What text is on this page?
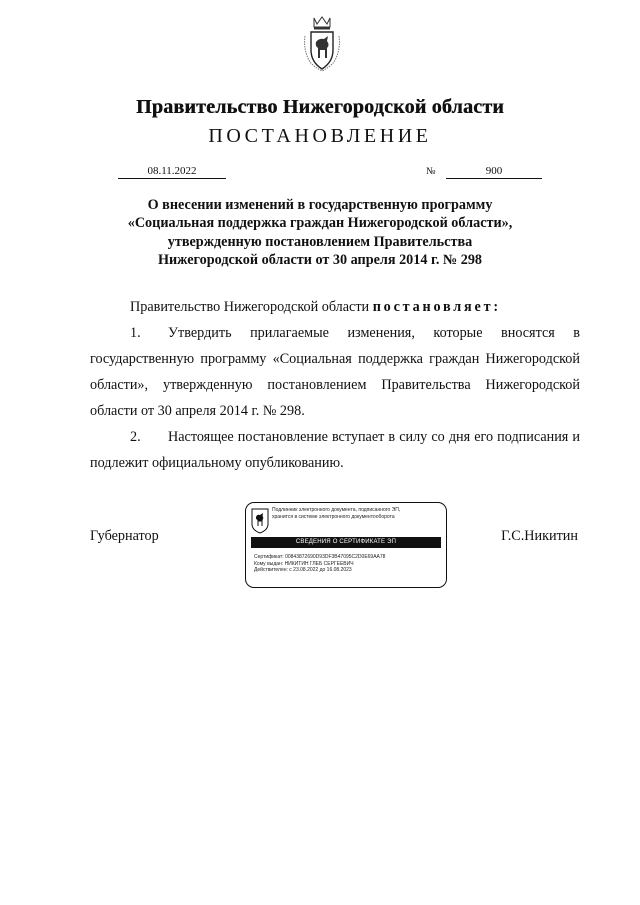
Правительство Нижегородской области
ПОСТАНОВЛЕНИЕ
08.11.2022	№	900
О внесении изменений в государственную программу
«Социальная поддержка граждан Нижегородской области»,
утвержденную постановлением Правительства
Нижегородской области от 30 апреля 2014 г. № 298
Правительство Нижегородской области постановляет:
1. Утвердить прилагаемые изменения, которые вносятся в государственную программу «Социальная поддержка граждан Нижегородской области», утвержденную постановлением Правительства Нижегородской области от 30 апреля 2014 г. № 298.
2. Настоящее постановление вступает в силу со дня его подписания и подлежит официальному опубликованию.
Губернатор
Подлинник электронного документа, подписанного ЭП,
хранится в системе электронного документооборота
СВЕДЕНИЯ О СЕРТИФИКАТЕ ЭП
Сертификат: 00843872690D93DF3B47095C2D0E69AA78
Кому выдан: НИКИТИН ГЛЕБ СЕРГЕЕВИЧ
Действителен: с 23.08.2022 до 16.08.2023
Г.С.Никитин
